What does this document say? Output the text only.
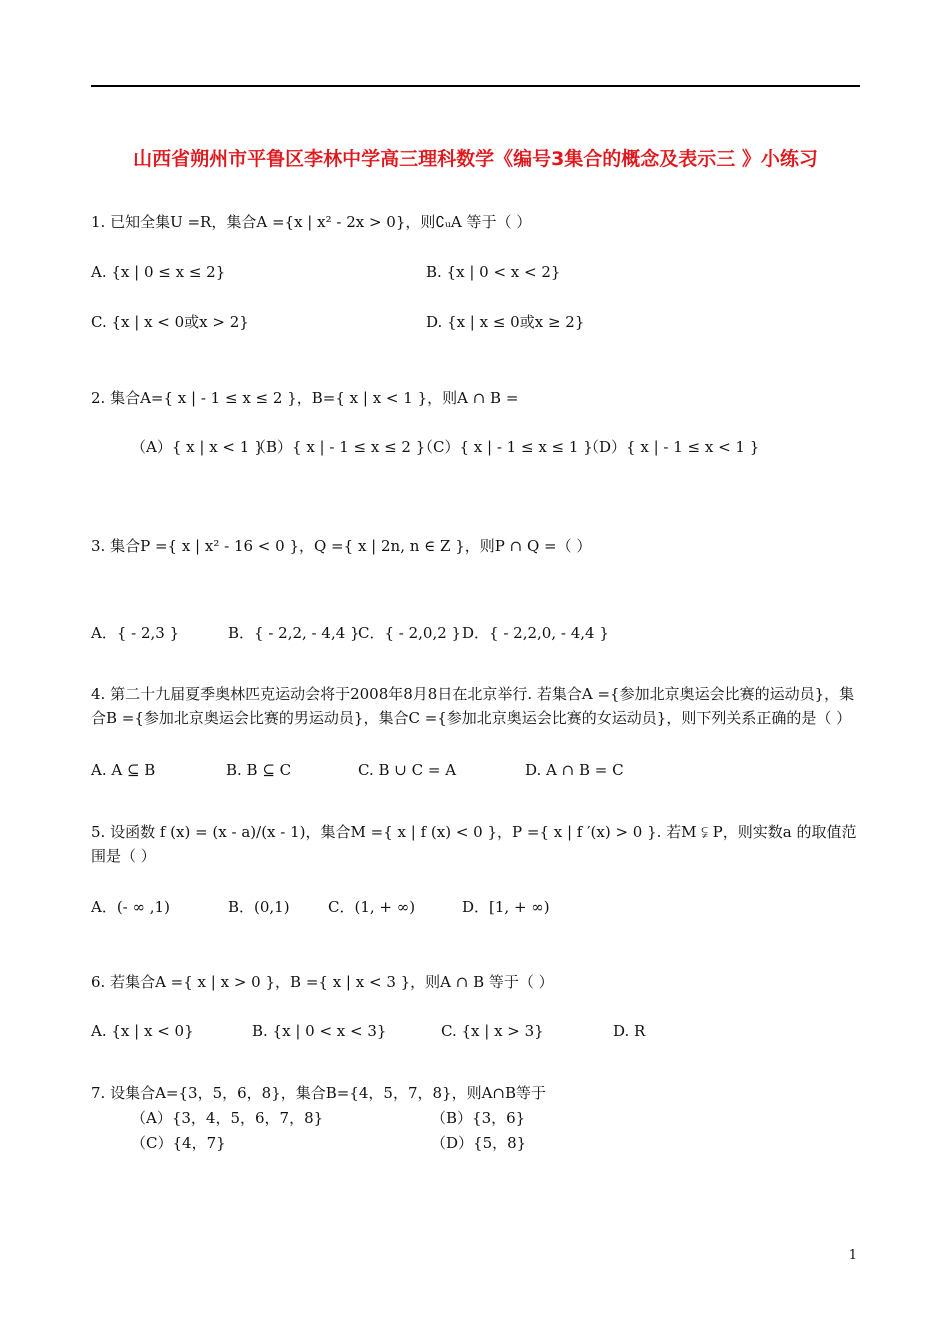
山西省朔州市平鲁区李林中学高三理科数学《编号3集合的概念及表示三 》小练习
1. 已知全集U =R，集合A ={x | x² - 2x > 0}，则∁ᵤA 等于（ ）
A. {x | 0 ≤ x ≤ 2}	B. {x | 0 < x < 2}
C. {x | x < 0或x > 2}	D. {x | x ≤ 0或x ≥ 2}
2. 集合A={ x | - 1 ≤ x ≤ 2 }，B={ x | x < 1 }，则A ∩ B =
（A）{ x | x < 1 }
（B）{ x | - 1 ≤ x ≤ 2 }
（C）{ x | - 1 ≤ x ≤ 1 }
（D）{ x | - 1 ≤ x < 1 }
3. 集合P ={ x | x² - 16 < 0 }，Q ={ x | 2n, n ∈ Z }，则P ∩ Q =（ ）
A．{ - 2,3 }	B．{ - 2,2, - 4,4 }
C．{ - 2,0,2 } D．{ - 2,2,0, - 4,4 }
4. 第二十九届夏季奥林匹克运动会将于2008年8月8日在北京举行. 若集合A ={参加北京奥运会比赛的运动员}，集合B ={参加北京奥运会比赛的男运动员}，集合C ={参加北京奥运会比赛的女运动员}，则下列关系正确的是（ ）
A. A ⊆ B	B. B ⊆ C	C. B ∪ C = A	D. A ∩ B = C
5. 设函数 f (x) = (x - a)/(x - 1)，集合M ={ x | f (x) < 0 }，P ={ x | f ′(x) > 0 }. 若M ⫋ P，则实数a 的取值范围是（ ）
A．(- ∞ ,1)	B．(0,1)	C．(1, + ∞)	D．[1, + ∞)
6. 若集合A ={ x | x > 0 }，B ={ x | x < 3 }，则A ∩ B 等于（ ）
A. {x | x < 0}	B. {x | 0 < x < 3}	C. {x | x > 3}	D. R
7. 设集合A={3，5，6，8}，集合B={4，5，7，8}，则A∩B等于
（A）{3，4，5，6，7，8}	（B）{3，6}
（C）{4，7}	（D）{5，8}
1
